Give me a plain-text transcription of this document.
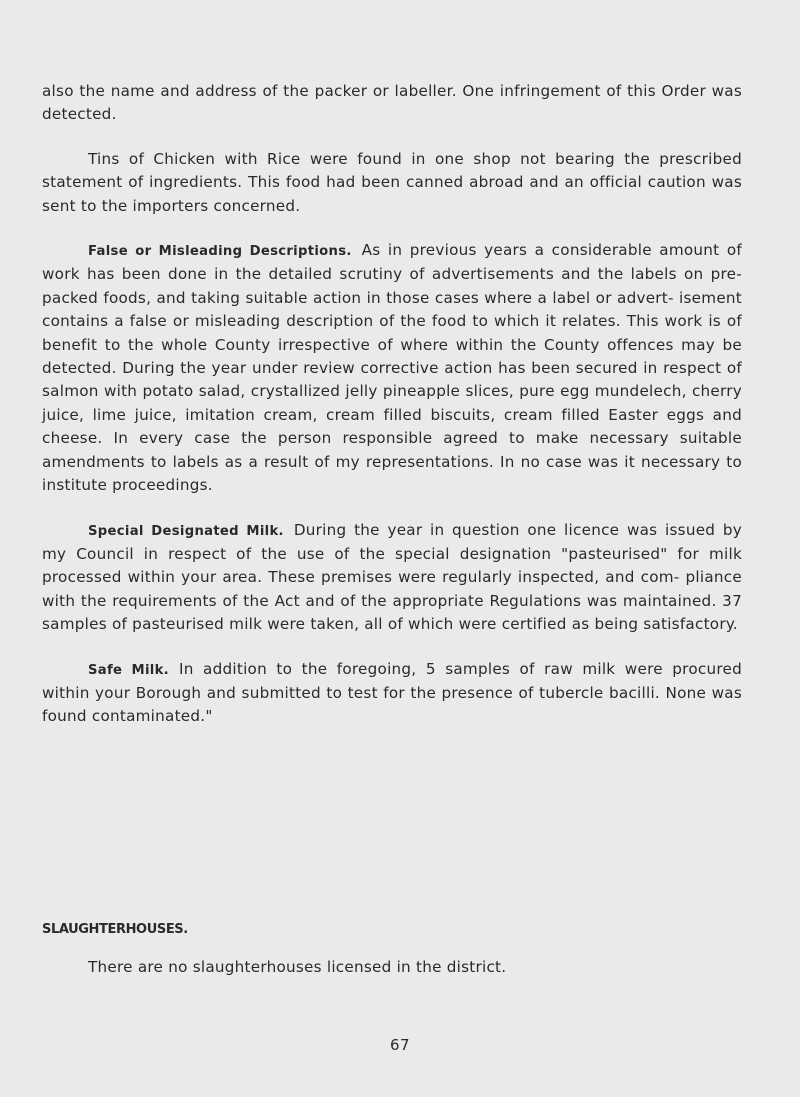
also the name and address of the packer or labeller. One infringement of this Order was detected.

Tins of Chicken with Rice were found in one shop not bearing the prescribed statement of ingredients. This food had been canned abroad and an official caution was sent to the importers concerned.

False or Misleading Descriptions. As in previous years a considerable amount of work has been done in the detailed scrutiny of advertisements and the labels on pre-packed foods, and taking suitable action in those cases where a label or advert- isement contains a false or misleading description of the food to which it relates. This work is of benefit to the whole County irrespective of where within the County offences may be detected. During the year under review corrective action has been secured in respect of salmon with potato salad, crystallized jelly pineapple slices, pure egg mundelech, cherry juice, lime juice, imitation cream, cream filled biscuits, cream filled Easter eggs and cheese. In every case the person responsible agreed to make necessary suitable amendments to labels as a result of my representations. In no case was it necessary to institute proceedings.

Special Designated Milk. During the year in question one licence was issued by my Council in respect of the use of the special designation "pasteurised" for milk processed within your area. These premises were regularly inspected, and com- pliance with the requirements of the Act and of the appropriate Regulations was maintained. 37 samples of pasteurised milk were taken, all of which were certified as being satisfactory.

Safe Milk. In addition to the foregoing, 5 samples of raw milk were procured within your Borough and submitted to test for the presence of tubercle bacilli. None was found contaminated."

SLAUGHTERHOUSES.

There are no slaughterhouses licensed in the district.

67
